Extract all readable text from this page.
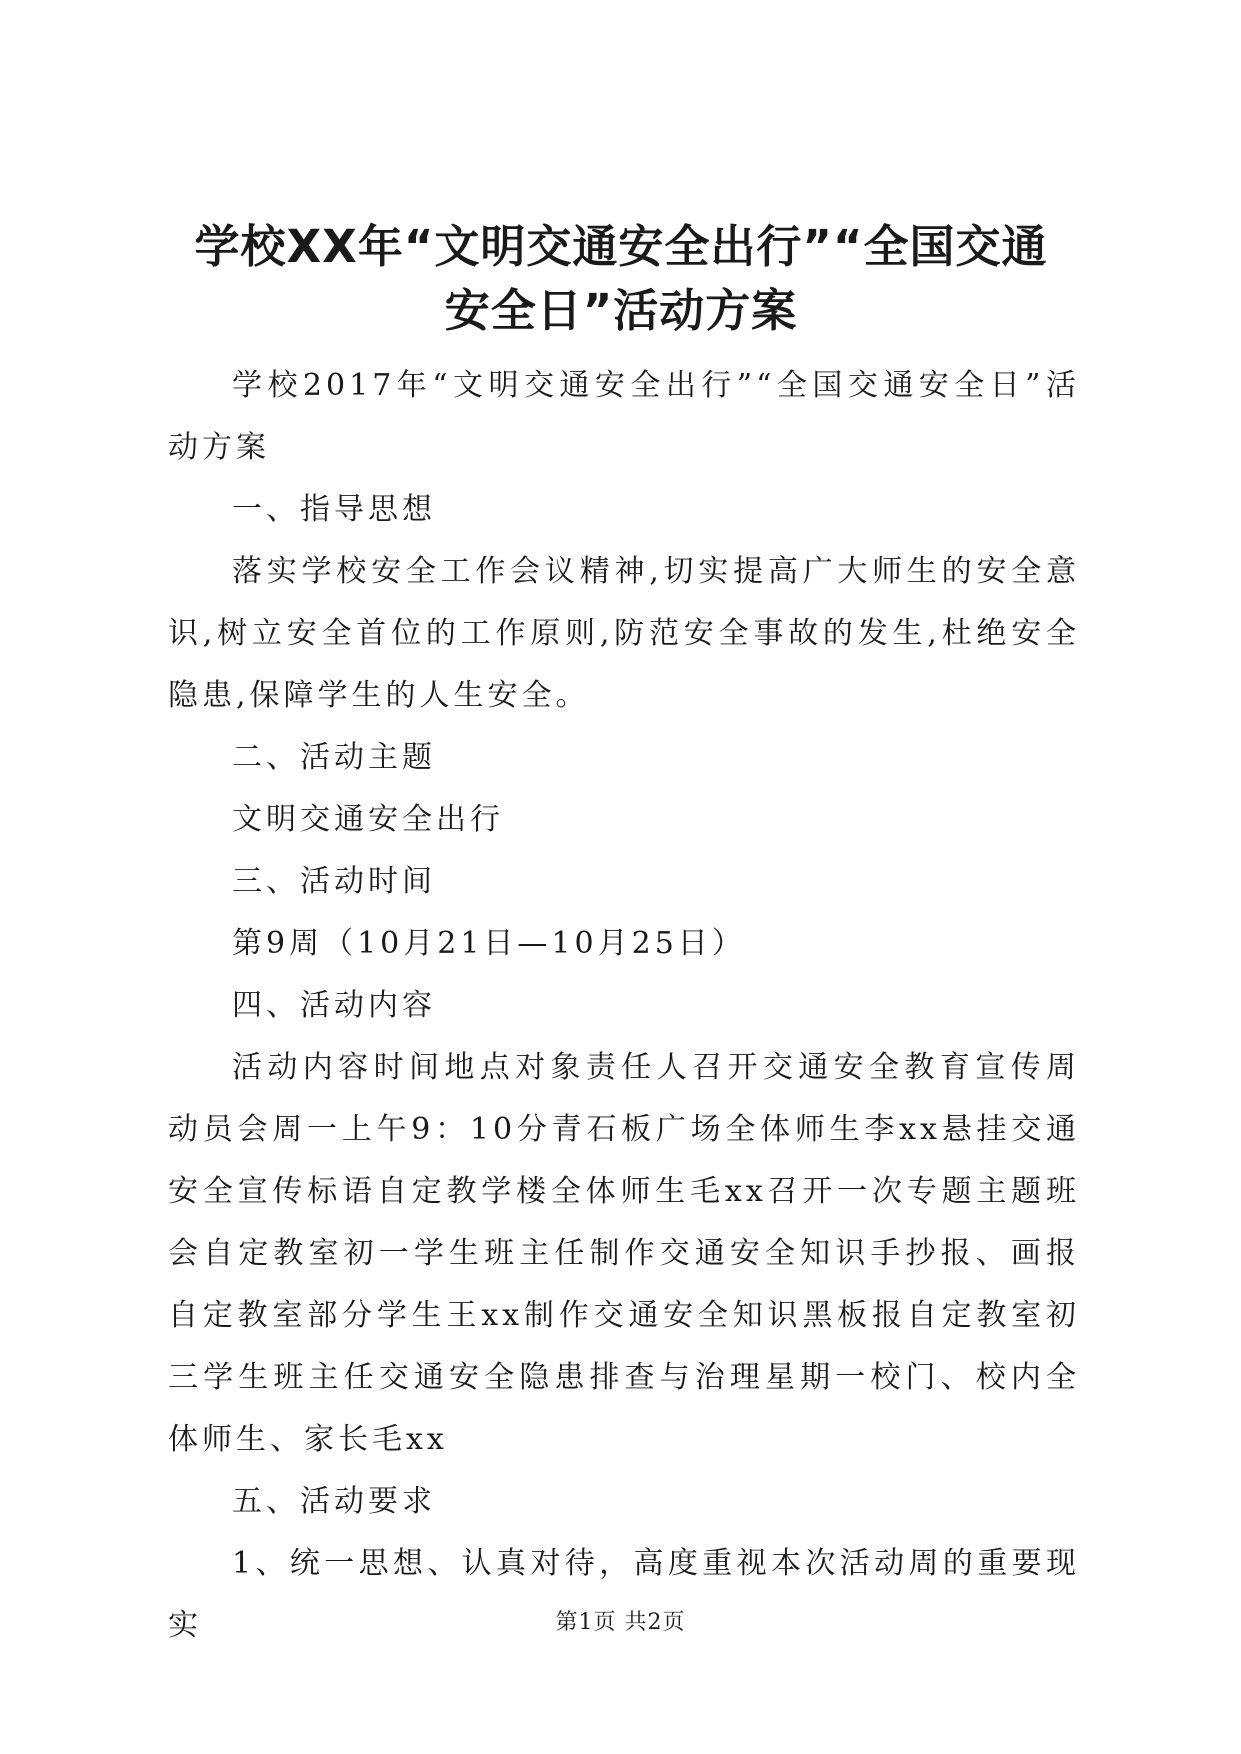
学校XX年“文明交通安全出行”“全国交通
安全日”活动方案

学校2017年“文明交通安全出行”“全国交通安全日”活动方案

一、指导思想

落实学校安全工作会议精神,切实提高广大师生的安全意识,树立安全首位的工作原则,防范安全事故的发生,杜绝安全隐患,保障学生的人生安全。

二、活动主题

文明交通安全出行

三、活动时间

第9周（10月21日—10月25日）

四、活动内容

活动内容时间地点对象责任人召开交通安全教育宣传周动员会周一上午9：10分青石板广场全体师生李xx悬挂交通安全宣传标语自定教学楼全体师生毛xx召开一次专题主题班会自定教室初一学生班主任制作交通安全知识手抄报、画报自定教室部分学生王xx制作交通安全知识黑板报自定教室初三学生班主任交通安全隐患排查与治理星期一校门、校内全体师生、家长毛xx

五、活动要求

1、统一思想、认真对待，高度重视本次活动周的重要现实	第1页 共2页
